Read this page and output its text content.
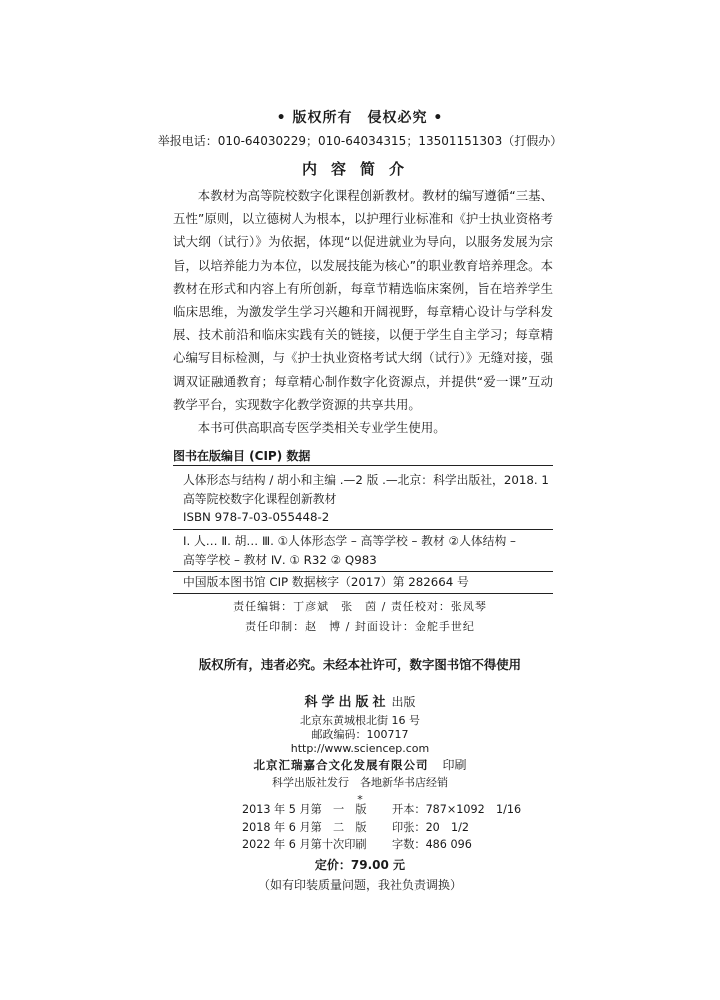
• 版权所有　侵权必究 •
举报电话：010-64030229；010-64034315；13501151303（打假办）
内容简介

本教材为高等院校数字化课程创新教材。教材的编写遵循“三基、五性”原则，以立德树人为根本，以护理行业标准和《护士执业资格考试大纲（试行）》为依据，体现“以促进就业为导向，以服务发展为宗旨，以培养能力为本位，以发展技能为核心”的职业教育培养理念。本教材在形式和内容上有所创新，每章节精选临床案例，旨在培养学生临床思维，为激发学生学习兴趣和开阔视野，每章精心设计与学科发展、技术前沿和临床实践有关的链接，以便于学生自主学习；每章精心编写目标检测，与《护士执业资格考试大纲（试行）》无缝对接，强调双证融通教育；每章精心制作数字化资源点，并提供“爱一课”互动教学平台，实现数字化教学资源的共享共用。

本书可供高职高专医学类相关专业学生使用。

图书在版编目 (CIP) 数据
人体形态与结构 / 胡小和主编 .—2 版 .—北京：科学出版社，2018. 1
高等院校数字化课程创新教材
ISBN 978-7-03-055448-2
Ⅰ. 人… Ⅱ. 胡… Ⅲ. ①人体形态学 – 高等学校 – 教材 ②人体结构 –
高等学校 – 教材 Ⅳ. ① R32 ② Q983
中国版本图书馆 CIP 数据核字（2017）第 282664 号
责任编辑：丁彦斌　张　茵 / 责任校对：张凤琴
责任印制：赵　博 / 封面设计：金舵手世纪
版权所有，违者必究。未经本社许可，数字图书馆不得使用
科学出版社 出版
北京东黄城根北街 16 号
邮政编码：100717
http://www.sciencep.com
北京汇瑞嘉合文化发展有限公司 印刷
科学出版社发行　各地新华书店经销
*
2013 年 5 月第　一　版	开本：787×1092　1/16
2018 年 6 月第　二　版	印张：20　1/2
2022 年 6 月第十次印刷	字数：486 096
定价：79.00 元
（如有印装质量问题，我社负责调换）
